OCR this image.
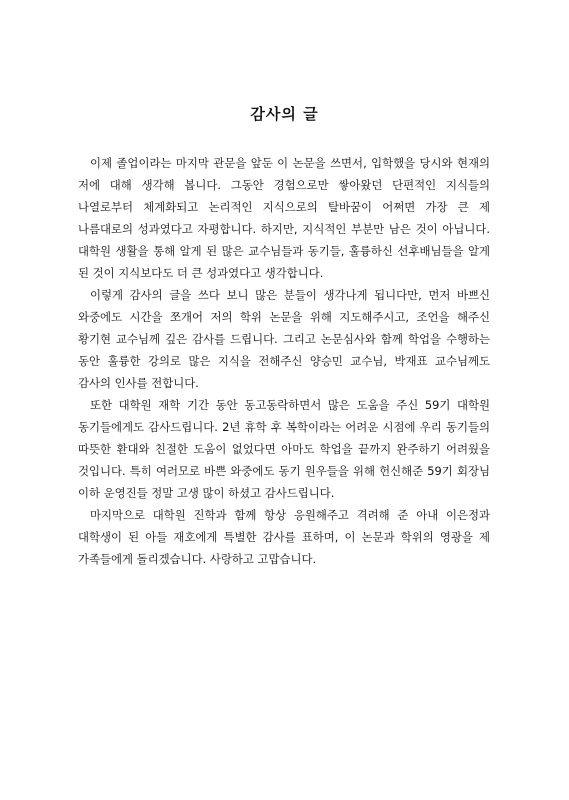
감사의 글

이제 졸업이라는 마지막 관문을 앞둔 이 논문을 쓰면서, 입학했을 당시와 현재의 저에 대해 생각해 봅니다. 그동안 경험으로만 쌓아왔던 단편적인 지식들의 나열로부터 체계화되고 논리적인 지식으로의 탈바꿈이 어쩌면 가장 큰 제 나름대로의 성과였다고 자평합니다. 하지만, 지식적인 부분만 남은 것이 아닙니다. 대학원 생활을 통해 알게 된 많은 교수님들과 동기들, 훌륭하신 선후배님들을 알게 된 것이 지식보다도 더 큰 성과였다고 생각합니다.

이렇게 감사의 글을 쓰다 보니 많은 분들이 생각나게 됩니다만, 먼저 바쁘신 와중에도 시간을 쪼개어 저의 학위 논문을 위해 지도해주시고, 조언을 해주신 황기현 교수님께 깊은 감사를 드립니다. 그리고 논문심사와 함께 학업을 수행하는 동안 훌륭한 강의로 많은 지식을 전해주신 양승민 교수님, 박재표 교수님께도 감사의 인사를 전합니다.

또한 대학원 재학 기간 동안 동고동락하면서 많은 도움을 주신 59기 대학원 동기들에게도 감사드립니다. 2년 휴학 후 복학이라는 어려운 시점에 우리 동기들의 따뜻한 환대와 친절한 도움이 없었다면 아마도 학업을 끝까지 완주하기 어려웠을 것입니다. 특히 여러모로 바쁜 와중에도 동기 원우들을 위해 헌신해준 59기 회장님 이하 운영진들 정말 고생 많이 하셨고 감사드립니다.

마지막으로 대학원 진학과 함께 항상 응원해주고 격려해 준 아내 이은정과 대학생이 된 아들 재호에게 특별한 감사를 표하며, 이 논문과 학위의 영광을 제 가족들에게 돌리겠습니다. 사랑하고 고맙습니다.
